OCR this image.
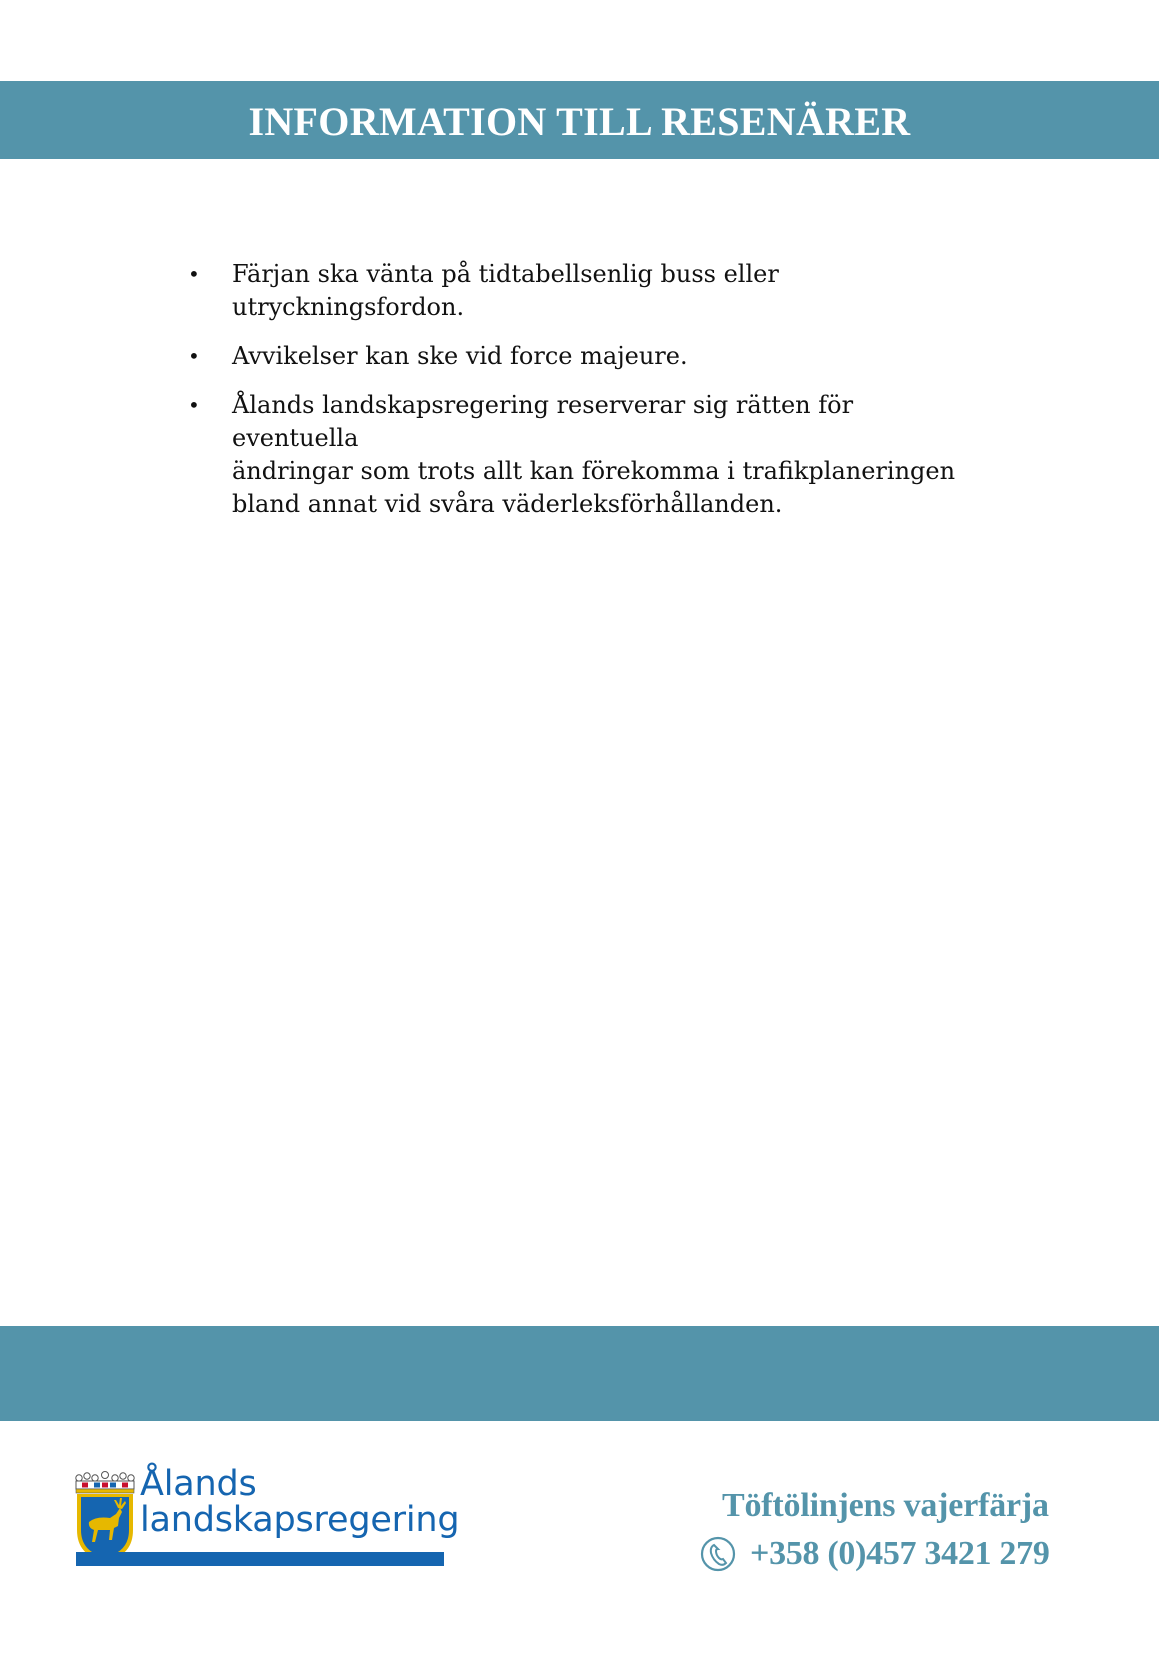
INFORMATION TILL RESENÄRER
• Färjan ska vänta på tidtabellsenlig buss eller
utryckningsfordon.
• Avvikelser kan ske vid force majeure.
• Ålands landskapsregering reserverar sig rätten för eventuella
ändringar som trots allt kan förekomma i trafikplaneringen
bland annat vid svåra väderleksförhållanden.
Ålands
landskapsregering	Töftölinjens vajerfärja
+358 (0)457 3421 279
